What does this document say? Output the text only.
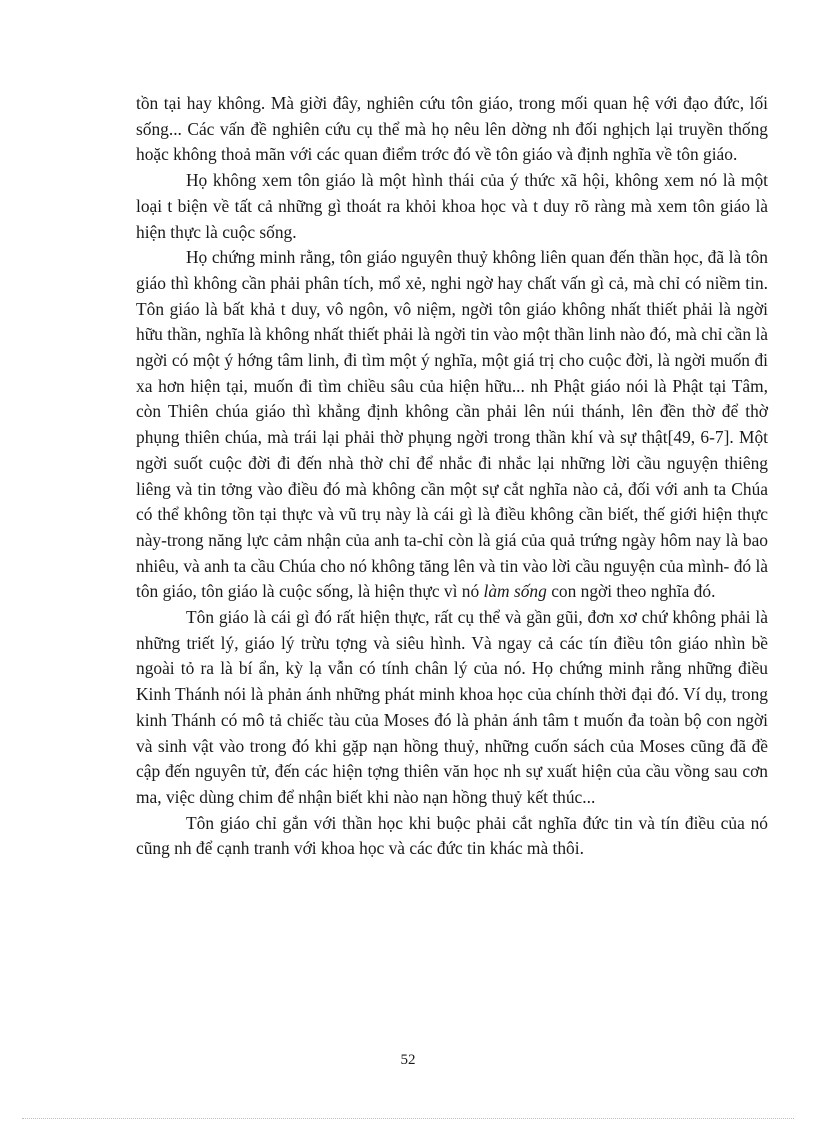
tồn tại hay không. Mà giời đây, nghiên cứu tôn giáo, trong mối quan hệ với đạo đức, lối sống... Các vấn đề nghiên cứu cụ thể mà họ nêu lên dờng nh đối nghịch lại truyền thống hoặc không thoả mãn với các quan điểm trớc đó về tôn giáo và định nghĩa về tôn giáo.

Họ không xem tôn giáo là một hình thái của ý thức xã hội, không xem nó là một loại t biện về tất cả những gì thoát ra khỏi khoa học và t duy rõ ràng mà xem tôn giáo là hiện thực là cuộc sống.

Họ chứng minh rằng, tôn giáo nguyên thuỷ không liên quan đến thần học, đã là tôn giáo thì không cần phải phân tích, mổ xẻ, nghi ngờ hay chất vấn gì cả, mà chỉ có niềm tin. Tôn giáo là bất khả t duy, vô ngôn, vô niệm, ngời tôn giáo không nhất thiết phải là ngời hữu thần, nghĩa là không nhất thiết phải là ngời tin vào một thần linh nào đó, mà chỉ cần là ngời có một ý hớng tâm linh, đi tìm một ý nghĩa, một giá trị cho cuộc đời, là ngời muốn đi xa hơn hiện tại, muốn đi tìm chiều sâu của hiện hữu... nh Phật giáo nói là Phật tại Tâm, còn Thiên chúa giáo thì khẳng định không cần phải lên núi thánh, lên đền thờ để thờ phụng thiên chúa, mà trái lại phải thờ phụng ngời trong thần khí và sự thật[49, 6-7]. Một ngời suốt cuộc đời đi đến nhà thờ chỉ để nhắc đi nhắc lại những lời cầu nguyện thiêng liêng và tin tởng vào điều đó mà không cần một sự cắt nghĩa nào cả, đối với anh ta Chúa có thể không tồn tại thực và vũ trụ này là cái gì là điều không cần biết, thế giới hiện thực này-trong năng lực cảm nhận của anh ta-chỉ còn là giá của quả trứng ngày hôm nay là bao nhiêu, và anh ta cầu Chúa cho nó không tăng lên và tin vào lời cầu nguyện của mình- đó là tôn giáo, tôn giáo là cuộc sống, là hiện thực vì nó làm sống con ngời theo nghĩa đó.

Tôn giáo là cái gì đó rất hiện thực, rất cụ thể và gần gũi, đơn xơ chứ không phải là những triết lý, giáo lý trừu tợng và siêu hình. Và ngay cả các tín điều tôn giáo nhìn bề ngoài tỏ ra là bí ẩn, kỳ lạ vẫn có tính chân lý của nó. Họ chứng minh rằng những điều Kinh Thánh nói là phản ánh những phát minh khoa học của chính thời đại đó. Ví dụ, trong kinh Thánh có mô tả chiếc tàu của Moses đó là phản ánh tâm t muốn đa toàn bộ con ngời và sinh vật vào trong đó khi gặp nạn hồng thuỷ, những cuốn sách của Moses cũng đã đề cập đến nguyên tử, đến các hiện tợng thiên văn học nh sự xuất hiện của cầu vồng sau cơn ma, việc dùng chim để nhận biết khi nào nạn hồng thuỷ kết thúc...

Tôn giáo chỉ gắn với thần học khi buộc phải cắt nghĩa đức tin và tín điều của nó cũng nh để cạnh tranh với khoa học và các đức tin khác mà thôi.

52
